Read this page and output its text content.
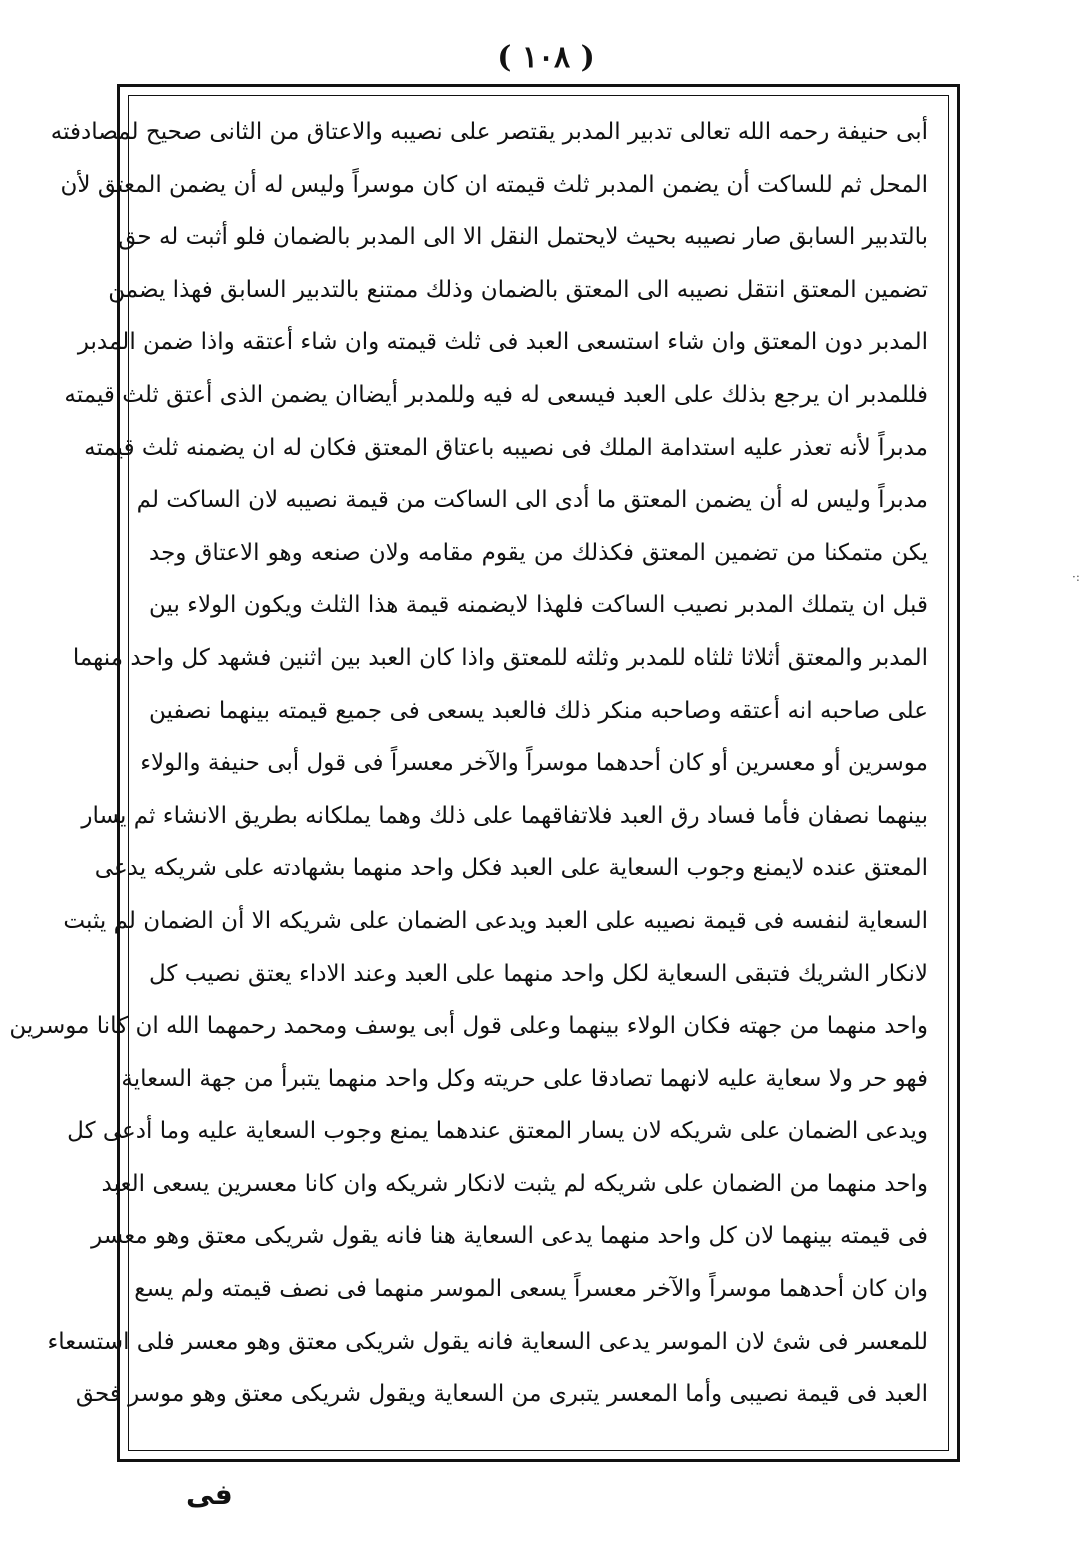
( ١٠٨ )
أبى حنيفة رحمه الله تعالى تدبير المدبر يقتصر على نصيبه والاعتاق من الثانى صحيح لمصادفته
المحل ثم للساكت أن يضمن المدبر ثلث قيمته ان كان موسراً وليس له أن يضمن المعتق لأن
بالتدبير السابق صار نصيبه بحيث لايحتمل النقل الا الى المدبر بالضمان فلو أثبت له حق
تضمين المعتق انتقل نصيبه الى المعتق بالضمان وذلك ممتنع بالتدبير السابق فهذا يضمن
المدبر دون المعتق وان شاء استسعى العبد فى ثلث قيمته وان شاء أعتقه واذا ضمن المدبر
فللمدبر ان يرجع بذلك على العبد فيسعى له فيه وللمدبر أيضاان يضمن الذى أعتق ثلث قيمته
مدبراً لأنه تعذر عليه استدامة الملك فى نصيبه باعتاق المعتق فكان له ان يضمنه ثلث قيمته
مدبراً وليس له أن يضمن المعتق ما أدى الى الساكت من قيمة نصيبه لان الساكت لم
يكن متمكنا من تضمين المعتق فكذلك من يقوم مقامه ولان صنعه وهو الاعتاق وجد
قبل ان يتملك المدبر نصيب الساكت فلهذا لايضمنه قيمة هذا الثلث ويكون الولاء بين
المدبر والمعتق أثلاثا ثلثاه للمدبر وثلثه للمعتق واذا كان العبد بين اثنين فشهد كل واحد منهما
على صاحبه انه أعتقه وصاحبه منكر ذلك فالعبد يسعى فى جميع قيمته بينهما نصفين
موسرين أو معسرين أو كان أحدهما موسراً والآخر معسراً فى قول أبى حنيفة والولاء
بينهما نصفان فأما فساد رق العبد فلاتفاقهما على ذلك وهما يملكانه بطريق الانشاء ثم يسار
المعتق عنده لايمنع وجوب السعاية على العبد فكل واحد منهما بشهادته على شريكه يدعى
السعاية لنفسه فى قيمة نصيبه على العبد ويدعى الضمان على شريكه الا أن الضمان لم يثبت
لانكار الشريك فتبقى السعاية لكل واحد منهما على العبد وعند الاداء يعتق نصيب كل
واحد منهما من جهته فكان الولاء بينهما وعلى قول أبى يوسف ومحمد رحمهما الله ان كانا موسرين
فهو حر ولا سعاية عليه لانهما تصادقا على حريته وكل واحد منهما يتبرأ من جهة السعاية
ويدعى الضمان على شريكه لان يسار المعتق عندهما يمنع وجوب السعاية عليه وما أدعى كل
واحد منهما من الضمان على شريكه لم يثبت لانكار شريكه وان كانا معسرين يسعى العبد
فى قيمته بينهما لان كل واحد منهما يدعى السعاية هنا فانه يقول شريكى معتق وهو معسر
وان كان أحدهما موسراً والآخر معسراً يسعى الموسر منهما فى نصف قيمته ولم يسع
للمعسر فى شئ لان الموسر يدعى السعاية فانه يقول شريكى معتق وهو معسر فلى استسعاء
العبد فى قيمة نصيبى وأما المعسر يتبرى من السعاية ويقول شريكى معتق وهو موسر فحق
·:
فى
